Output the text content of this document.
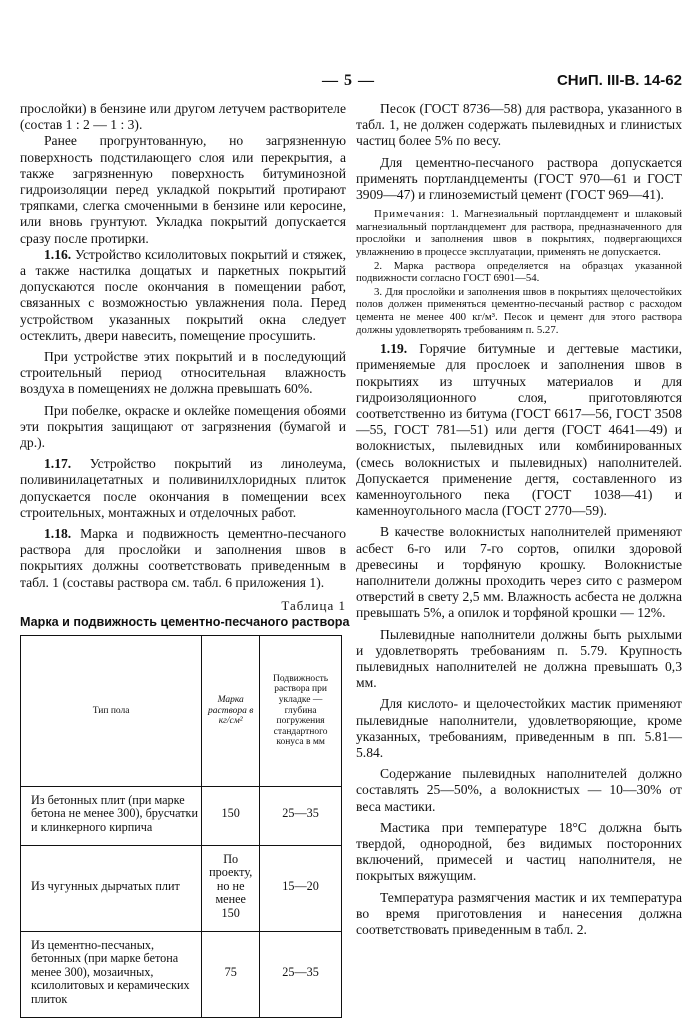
— 5 —	СНиП. III-В. 14-62

прослойки) в бензине или другом летучем растворителе (состав 1 : 2 — 1 : 3).

Ранее прогрунтованную, но загрязненную поверхность подстилающего слоя или перекрытия, а также загрязненную поверхность битуминозной гидроизоляции перед укладкой покрытий протирают тряпками, слегка смоченными в бензине или керосине, или вновь грунтуют. Укладка покрытий допускается сразу после протирки.

1.16. Устройство ксилолитовых покрытий и стяжек, а также настилка дощатых и паркетных покрытий допускаются после окончания в помещении работ, связанных с возможностью увлажнения пола. Перед устройством указанных покрытий окна следует остеклить, двери навесить, помещение просушить.

При устройстве этих покрытий и в последующий строительный период относительная влажность воздуха в помещениях не должна превышать 60%.

При побелке, окраске и оклейке помещения обоями эти покрытия защищают от загрязнения (бумагой и др.).

1.17. Устройство покрытий из линолеума, поливинилацетатных и поливинилхлоридных плиток допускается после окончания в помещении всех строительных, монтажных и отделочных работ.

1.18. Марка и подвижность цементно-песчаного раствора для прослойки и заполнения швов в покрытиях должны соответствовать приведенным в табл. 1 (составы раствора см. табл. 6 приложения 1).

Таблица 1
Марка и подвижность цементно-песчаного раствора
Тип пола	Марка раствора в кг/см²	Подвижность раствора при укладке — глубина погружения стандартного конуса в мм
Из бетонных плит (при марке бетона не менее 300), брусчатки и клинкерного кирпича	150	25—35
Из чугунных дырчатых плит	По проекту, но не менее 150	15—20
Из цементно-песчаных, бетонных (при марке бетона менее 300), мозаичных, ксилолитовых и керамических плиток	75	25—35

Песок (ГОСТ 8736—58) для раствора, указанного в табл. 1, не должен содержать пылевидных и глинистых частиц более 5% по весу.

Для цементно-песчаного раствора допускается применять портландцементы (ГОСТ 970—61 и ГОСТ 3909—47) и глиноземистый цемент (ГОСТ 969—41).

Примечания: 1. Магнезиальный портландцемент и шлаковый магнезиальный портландцемент для раствора, предназначенного для прослойки и заполнения швов в покрытиях, подвергающихся увлажнению в процессе эксплуатации, применять не допускается.

2. Марка раствора определяется на образцах указанной подвижности согласно ГОСТ 6901—54.

3. Для прослойки и заполнения швов в покрытиях щелочестойких полов должен применяться цементно-песчаный раствор с расходом цемента не менее 400 кг/м³. Песок и цемент для этого раствора должны удовлетворять требованиям п. 5.27.

1.19. Горячие битумные и дегтевые мастики, применяемые для прослоек и заполнения швов в покрытиях из штучных материалов и для гидроизоляционного слоя, приготовляются соответственно из битума (ГОСТ 6617—56, ГОСТ 3508—55, ГОСТ 781—51) или дегтя (ГОСТ 4641—49) и волокнистых, пылевидных или комбинированных (смесь волокнистых и пылевидных) наполнителей. Допускается применение дегтя, составленного из каменноугольного пека (ГОСТ 1038—41) и каменноугольного масла (ГОСТ 2770—59).

В качестве волокнистых наполнителей применяют асбест 6-го или 7-го сортов, опилки здоровой древесины и торфяную крошку. Волокнистые наполнители должны проходить через сито с размером отверстий в свету 2,5 мм. Влажность асбеста не должна превышать 5%, а опилок и торфяной крошки — 12%.

Пылевидные наполнители должны быть рыхлыми и удовлетворять требованиям п. 5.79. Крупность пылевидных наполнителей не должна превышать 0,3 мм.

Для кислото- и щелочестойких мастик применяют пылевидные наполнители, удовлетворяющие, кроме указанных, требованиям, приведенным в пп. 5.81—5.84.

Содержание пылевидных наполнителей должно составлять 25—50%, а волокнистых — 10—30% от веса мастики.

Мастика при температуре 18°С должна быть твердой, однородной, без видимых посторонних включений, примесей и частиц наполнителя, не покрытых вяжущим.

Температура размягчения мастик и их температура во время приготовления и нанесения должна соответствовать приведенным в табл. 2.
